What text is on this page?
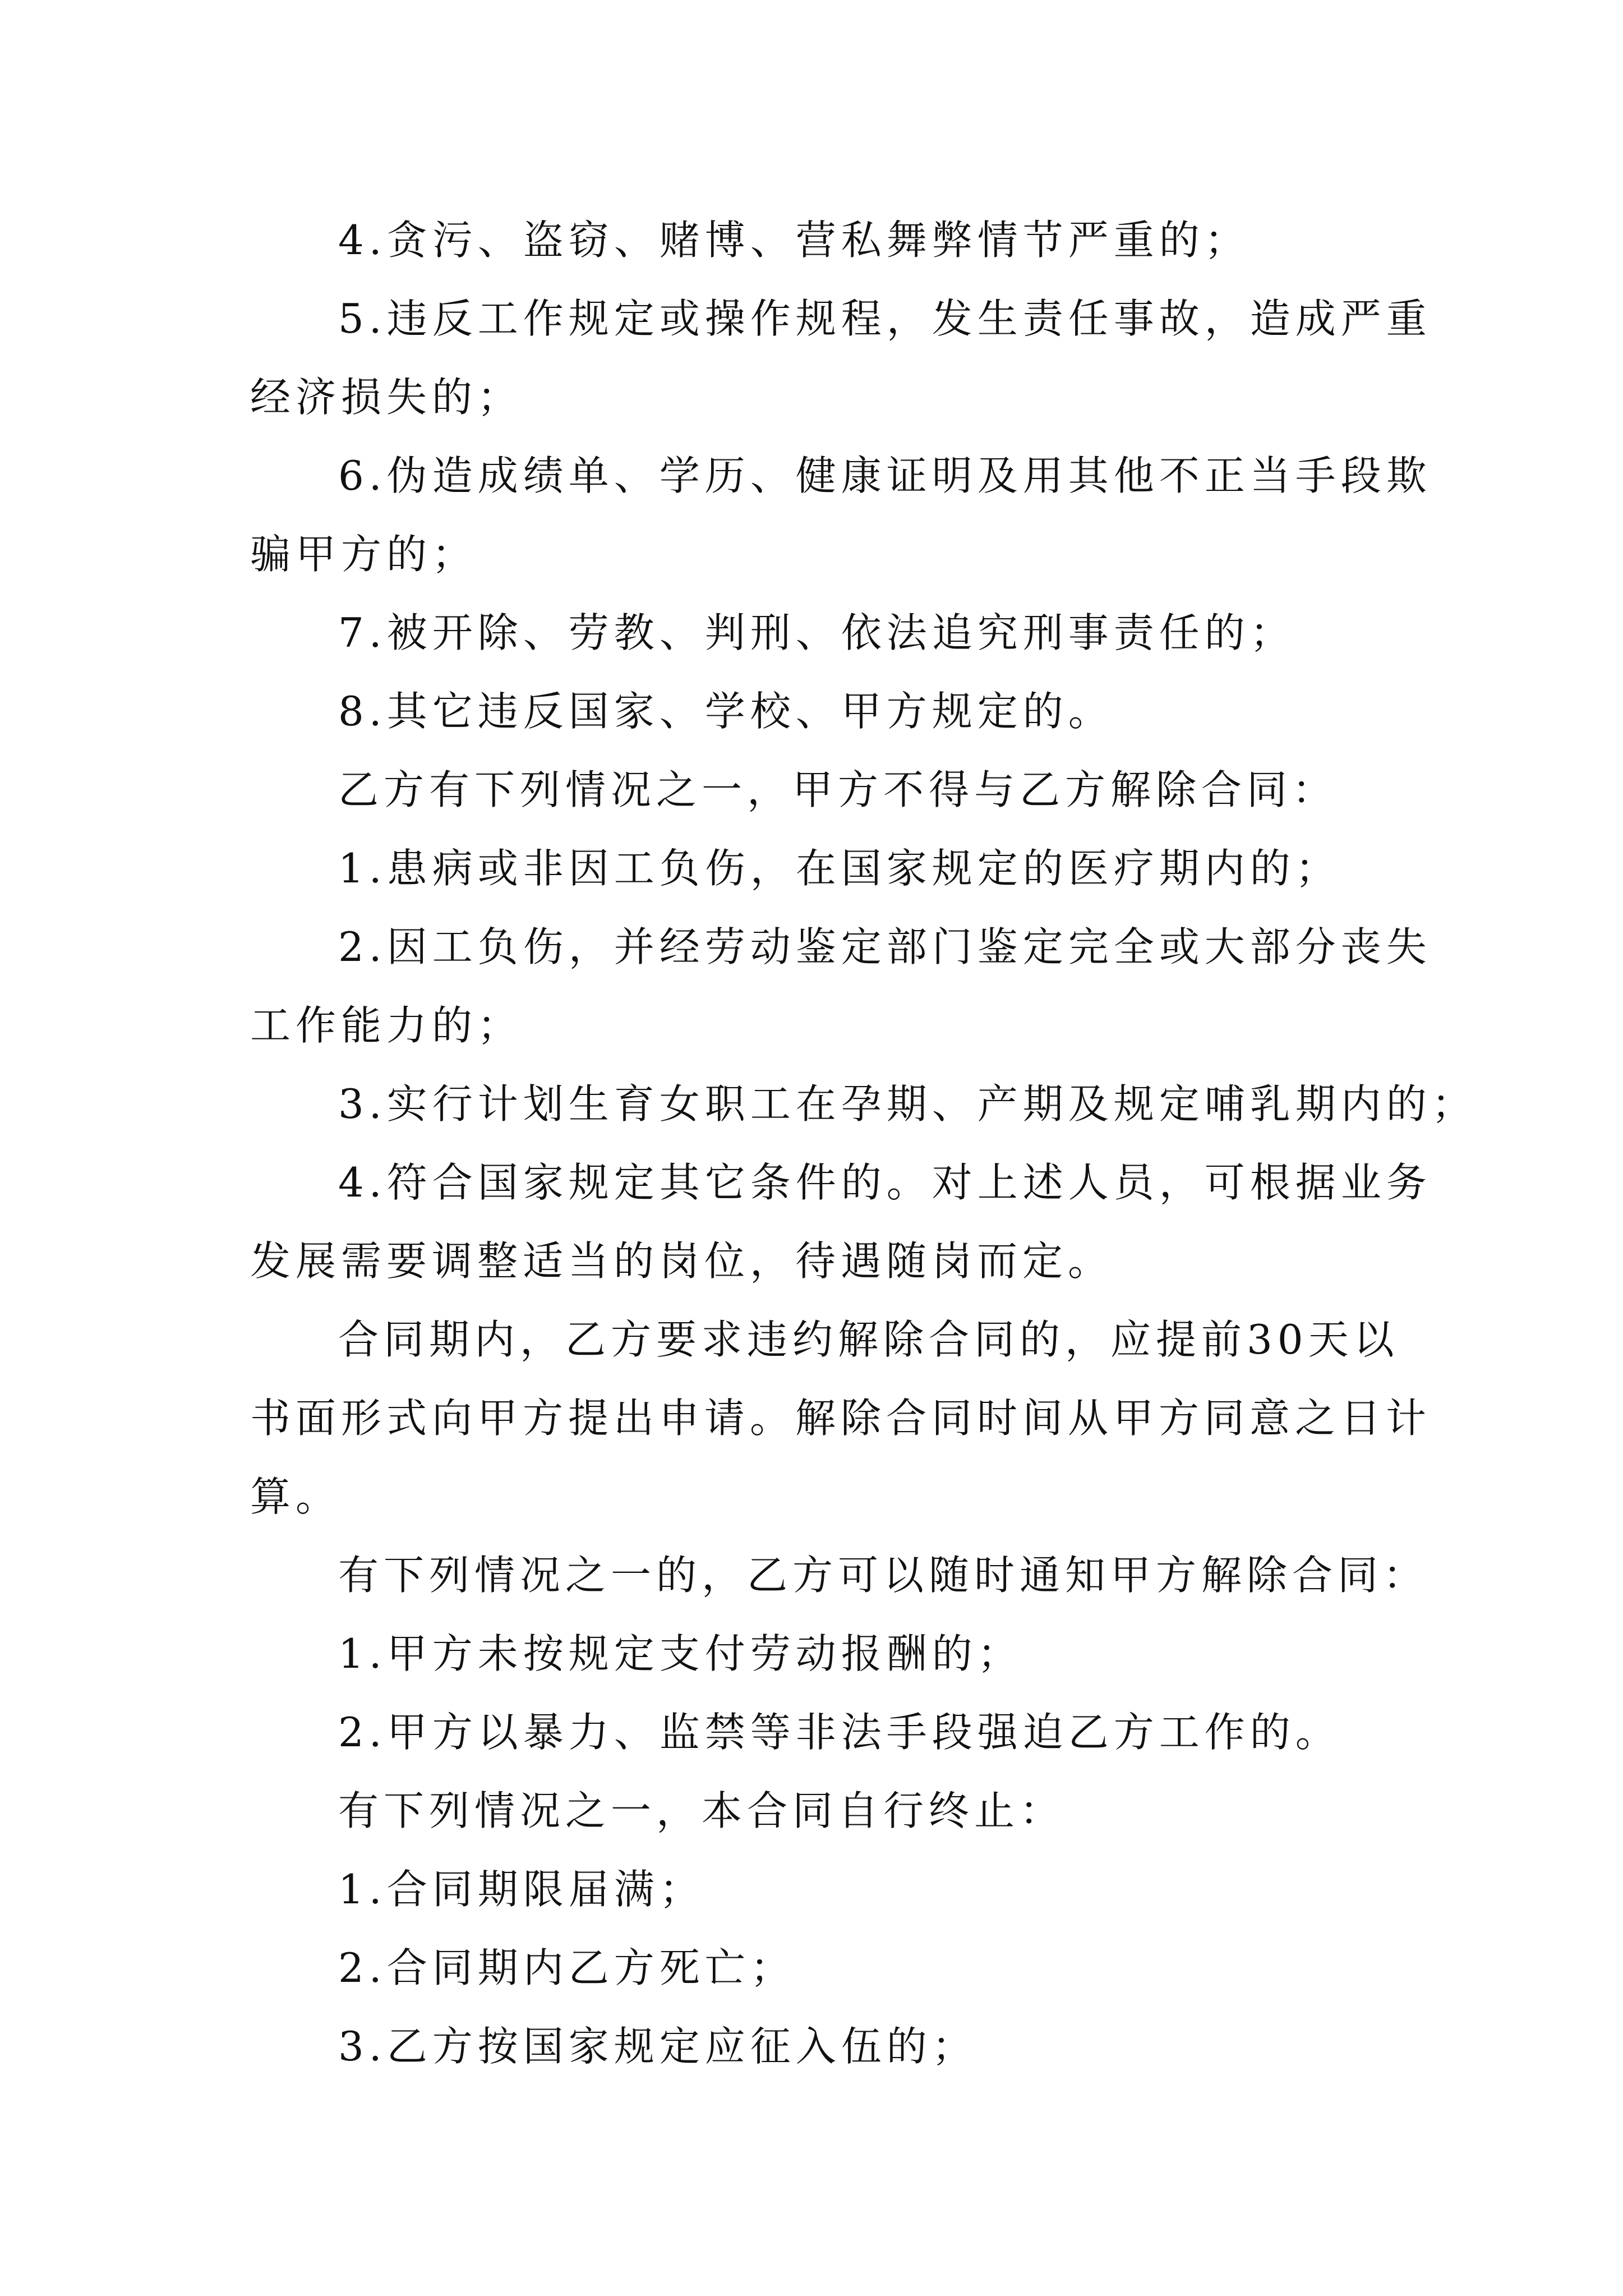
4.贪污、盗窃、赌博、营私舞弊情节严重的；
5.违反工作规定或操作规程，发生责任事故，造成严重
经济损失的；
6.伪造成绩单、学历、健康证明及用其他不正当手段欺
骗甲方的；
7.被开除、劳教、判刑、依法追究刑事责任的；
8.其它违反国家、学校、甲方规定的。
乙方有下列情况之一，甲方不得与乙方解除合同：
1.患病或非因工负伤，在国家规定的医疗期内的；
2.因工负伤，并经劳动鉴定部门鉴定完全或大部分丧失
工作能力的；
3.实行计划生育女职工在孕期、产期及规定哺乳期内的；
4.符合国家规定其它条件的。对上述人员，可根据业务
发展需要调整适当的岗位，待遇随岗而定。
合同期内，乙方要求违约解除合同的，应提前30天以
书面形式向甲方提出申请。解除合同时间从甲方同意之日计
算。
有下列情况之一的，乙方可以随时通知甲方解除合同：
1.甲方未按规定支付劳动报酬的；
2.甲方以暴力、监禁等非法手段强迫乙方工作的。
有下列情况之一，本合同自行终止：
1.合同期限届满；
2.合同期内乙方死亡；
3.乙方按国家规定应征入伍的；
